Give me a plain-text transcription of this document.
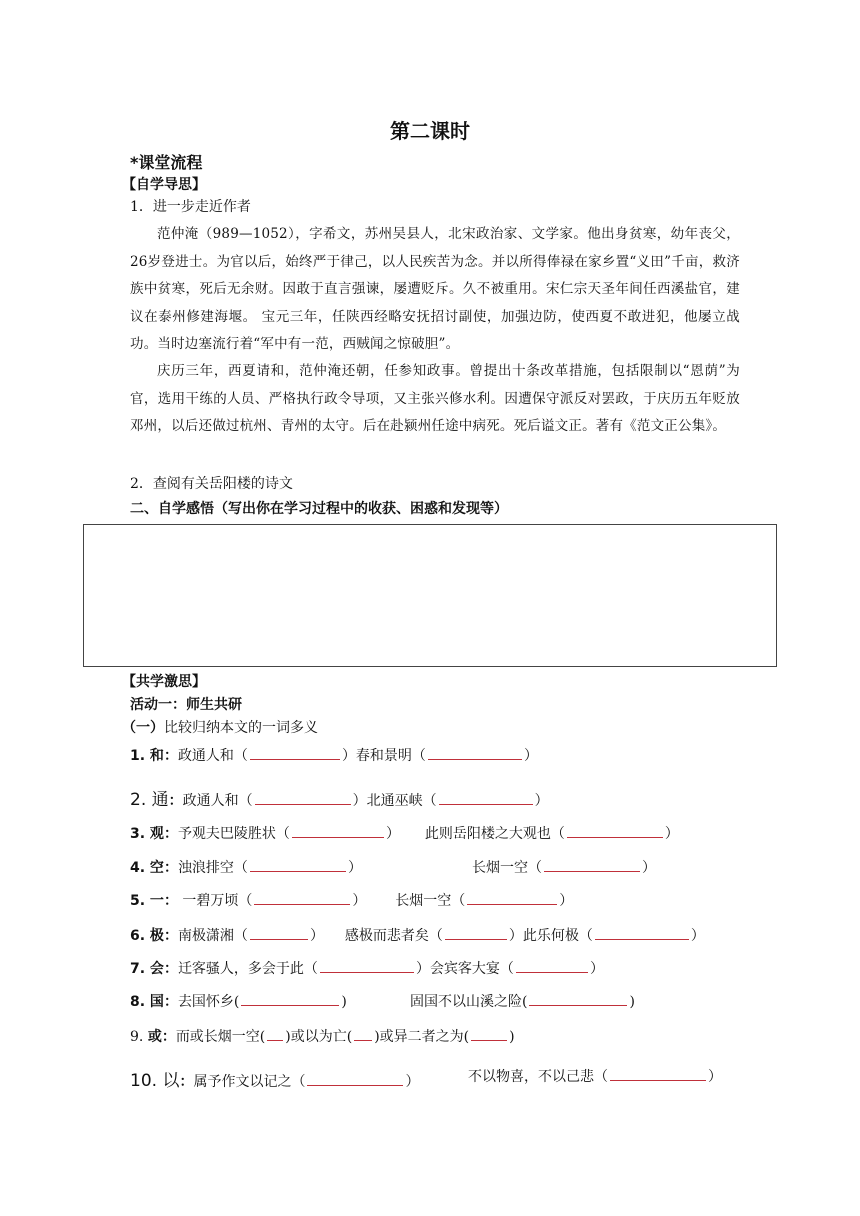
第二课时
*课堂流程
【自学导思】
1．进一步走近作者
范仲淹（989—1052），字希文，苏州吴县人，北宋政治家、文学家。他出身贫寒，幼年丧父，26岁登进士。为官以后，始终严于律己，以人民疾苦为念。并以所得俸禄在家乡置“义田”千亩，救济族中贫寒，死后无余财。因敢于直言强谏，屡遭贬斥。久不被重用。宋仁宗天圣年间任西溪盐官，建议在泰州修建海堰。 宝元三年，任陕西经略安抚招讨副使，加强边防，使西夏不敢进犯，他屡立战功。当时边塞流行着“军中有一范，西贼闻之惊破胆”。
庆历三年，西夏请和，范仲淹还朝，任参知政事。曾提出十条改革措施，包括限制以“恩荫”为官，选用干练的人员、严格执行政令导项，又主张兴修水利。因遭保守派反对罢政，于庆历五年贬放邓州，以后还做过杭州、青州的太守。后在赴颍州任途中病死。死后谥文正。著有《范文正公集》。
2．查阅有关岳阳楼的诗文
二、自学感悟（写出你在学习过程中的收获、困惑和发现等）
【共学激思】
活动一：师生共研
（一）比较归纳本文的一词多义
1. 和：政通人和（	）春和景明（	）
2. 通：政通人和（	）北通巫峡（	）
3. 观：予观夫巴陵胜状（	） 此则岳阳楼之大观也（	）
4. 空：浊浪排空（	）	长烟一空（	）
5. 一： 一碧万顷（	） 长烟一空（	）
6. 极：南极潇湘（	） 感极而悲者矣（	）此乐何极（	）
7. 会：迁客骚人，多会于此（	）会宾客大宴（	）
8. 国：去国怀乡(	)	固国不以山溪之险(	)
9. 或：而或长烟一空( )或以为亡( )或异二者之为(	)
10. 以：属予作文以记之（	）	不以物喜，不以己悲（	）
